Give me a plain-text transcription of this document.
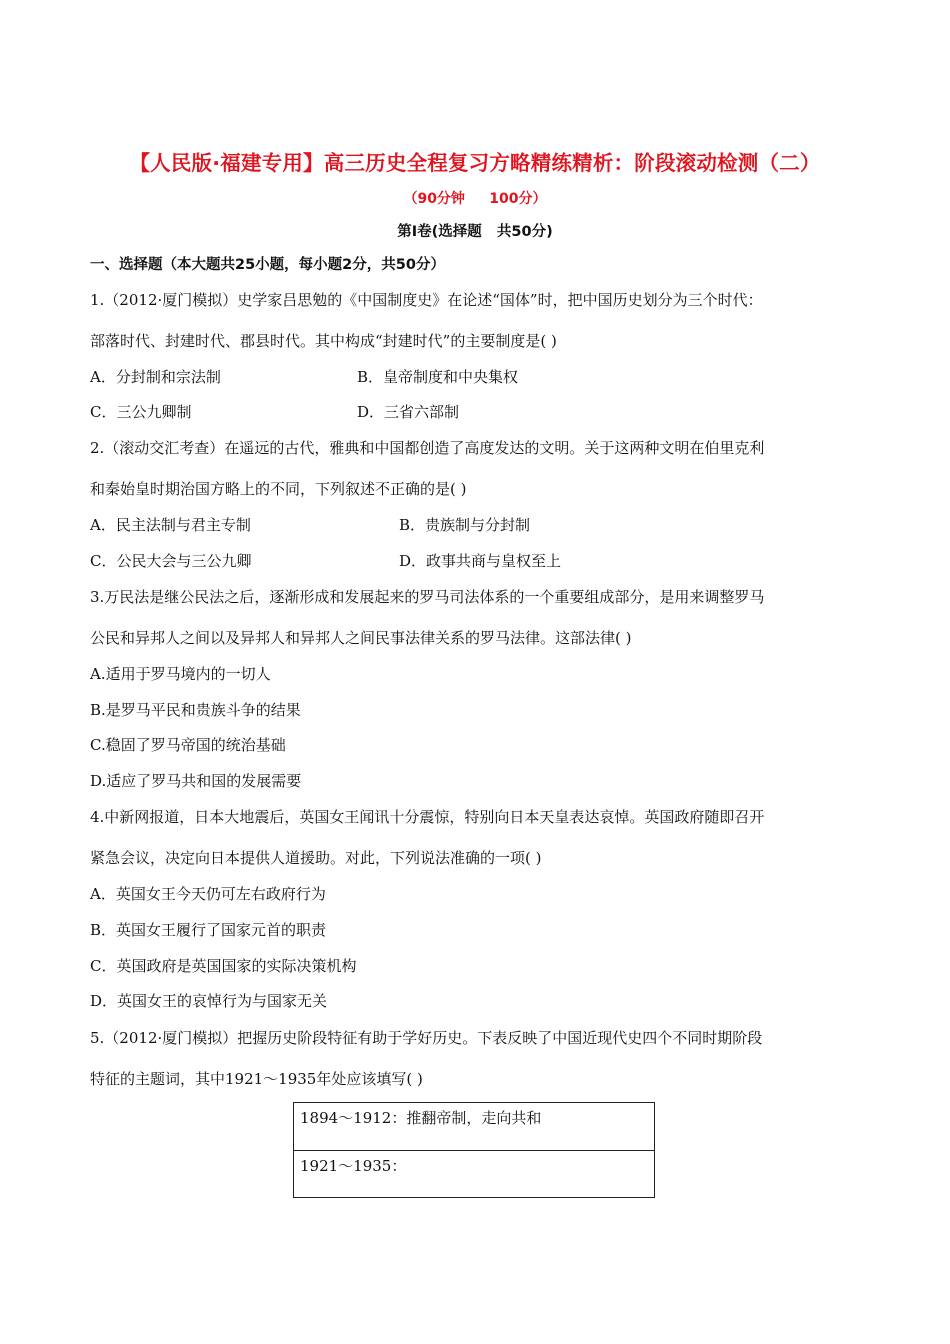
【人民版·福建专用】高三历史全程复习方略精练精析：阶段滚动检测（二）
（90分钟     100分）
第Ⅰ卷(选择题   共50分)
一、选择题（本大题共25小题，每小题2分，共50分）
1.（2012·厦门模拟）史学家吕思勉的《中国制度史》在论述“国体”时，把中国历史划分为三个时代：
部落时代、封建时代、郡县时代。其中构成“封建时代”的主要制度是( )
A．分封制和宗法制	B．皇帝制度和中央集权
C．三公九卿制	D．三省六部制
2.（滚动交汇考查）在遥远的古代，雅典和中国都创造了高度发达的文明。关于这两种文明在伯里克利
和秦始皇时期治国方略上的不同，下列叙述不正确的是( )
A．民主法制与君主专制	B．贵族制与分封制
C．公民大会与三公九卿	D．政事共商与皇权至上
3.万民法是继公民法之后，逐渐形成和发展起来的罗马司法体系的一个重要组成部分，是用来调整罗马
公民和异邦人之间以及异邦人和异邦人之间民事法律关系的罗马法律。这部法律( )
A.适用于罗马境内的一切人
B.是罗马平民和贵族斗争的结果
C.稳固了罗马帝国的统治基础
D.适应了罗马共和国的发展需要
4.中新网报道，日本大地震后，英国女王闻讯十分震惊，特别向日本天皇表达哀悼。英国政府随即召开
紧急会议，决定向日本提供人道援助。对此，下列说法准确的一项( )
A．英国女王今天仍可左右政府行为
B．英国女王履行了国家元首的职责
C．英国政府是英国国家的实际决策机构
D．英国女王的哀悼行为与国家无关
5.（2012·厦门模拟）把握历史阶段特征有助于学好历史。下表反映了中国近现代史四个不同时期阶段
特征的主题词，其中1921～1935年处应该填写( )
1894～1912：推翻帝制，走向共和
1921～1935：
